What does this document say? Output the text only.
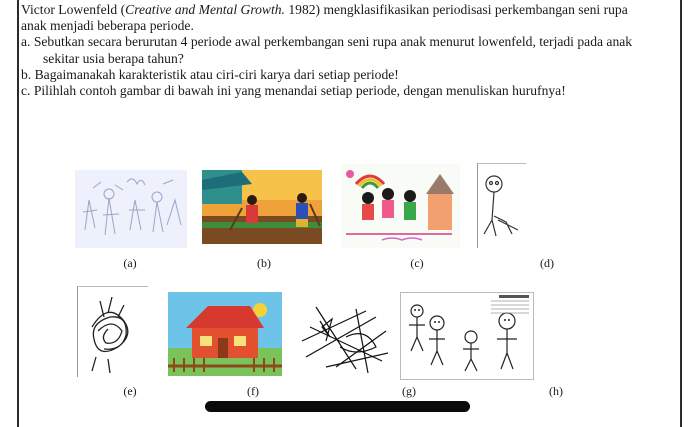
Victor Lowenfeld (Creative and Mental Growth. 1982) mengklasifikasikan periodisasi perkembangan seni rupa

anak menjadi beberapa periode.

a. Sebutkan secara berurutan 4 periode awal perkembangan seni rupa anak menurut lowenfeld, terjadi pada anak

sekitar usia berapa tahun?

b. Bagaimanakah karakteristik atau ciri-ciri karya dari setiap periode!

c. Pilihlah contoh gambar di bawah ini yang menandai setiap periode, dengan menuliskan hurufnya!

(a)	(b)	(c)	(d)
(e)	(f)	(g)	(h)
